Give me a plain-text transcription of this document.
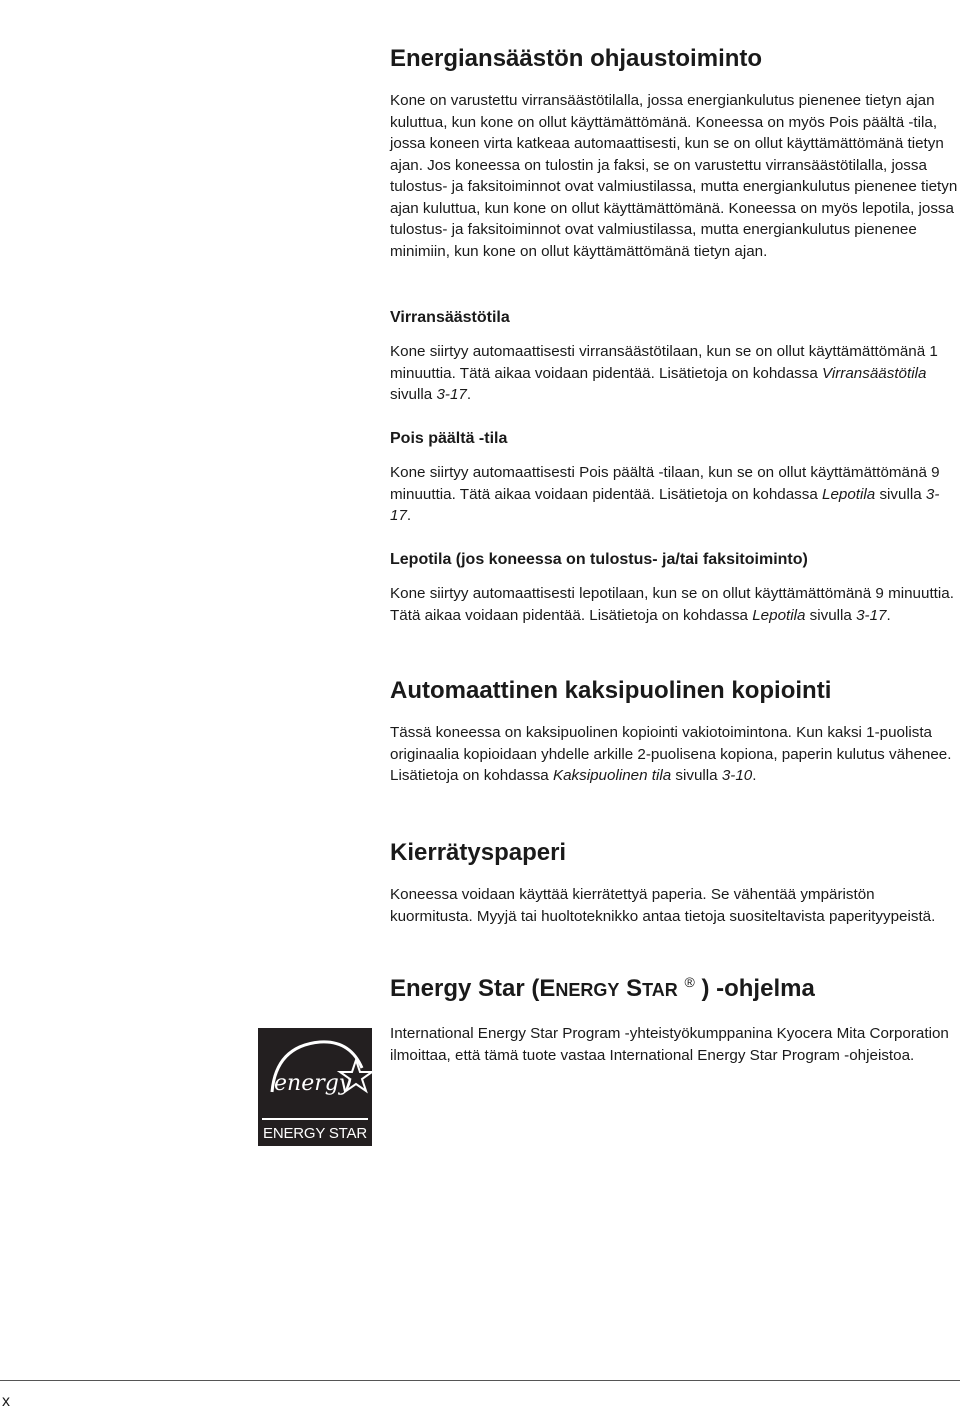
Energiansäästön ohjaustoiminto

Kone on varustettu virransäästötilalla, jossa energiankulutus pienenee tietyn ajan kuluttua, kun kone on ollut käyttämättömänä. Koneessa on myös Pois päältä -tila, jossa koneen virta katkeaa automaattisesti, kun se on ollut käyttämättömänä tietyn ajan. Jos koneessa on tulostin ja faksi, se on varustettu virransäästötilalla, jossa tulostus- ja faksitoiminnot ovat valmiustilassa, mutta energiankulutus pienenee tietyn ajan kuluttua, kun kone on ollut käyttämättömänä. Koneessa on myös lepotila, jossa tulostus- ja faksitoiminnot ovat valmiustilassa, mutta energiankulutus pienenee minimiin, kun kone on ollut käyttämättömänä tietyn ajan.

Virransäästötila

Kone siirtyy automaattisesti virransäästötilaan, kun se on ollut käyttämättömänä 1 minuuttia. Tätä aikaa voidaan pidentää. Lisätietoja on kohdassa Virransäästötila sivulla 3-17.

Pois päältä -tila

Kone siirtyy automaattisesti Pois päältä -tilaan, kun se on ollut käyttämättömänä 9 minuuttia. Tätä aikaa voidaan pidentää. Lisätietoja on kohdassa Lepotila sivulla 3-17.

Lepotila (jos koneessa on tulostus- ja/tai faksitoiminto)

Kone siirtyy automaattisesti lepotilaan, kun se on ollut käyttämättömänä 9 minuuttia. Tätä aikaa voidaan pidentää. Lisätietoja on kohdassa Lepotila sivulla 3-17.

Automaattinen kaksipuolinen kopiointi

Tässä koneessa on kaksipuolinen kopiointi vakiotoimintona. Kun kaksi 1-puolista originaalia kopioidaan yhdelle arkille 2-puolisena kopiona, paperin kulutus vähenee. Lisätietoja on kohdassa Kaksipuolinen tila sivulla 3-10.

Kierrätyspaperi

Koneessa voidaan käyttää kierrätettyä paperia. Se vähentää ympäristön kuormitusta. Myyjä tai huoltoteknikko antaa tietoja suositeltavista paperityypeistä.

Energy Star (ENERGY STAR ® ) -ohjelma

International Energy Star Program -yhteistyökumppanina Kyocera Mita Corporation ilmoittaa, että tämä tuote vastaa International Energy Star Program -ohjeistoa.

energy
ENERGY STAR
x
